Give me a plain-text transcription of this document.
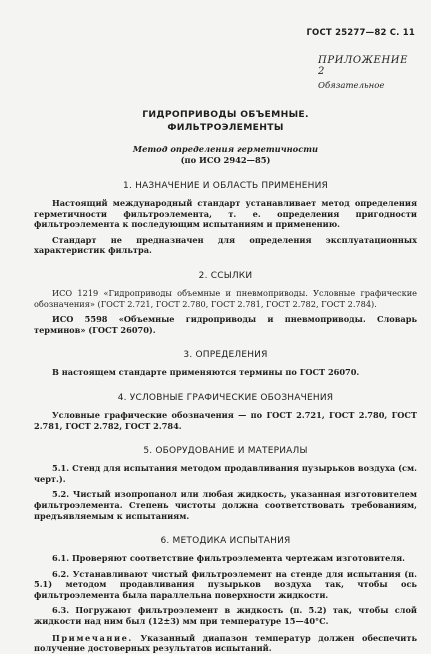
ГОСТ 25277—82 С. 11
ПРИЛОЖЕНИЕ 2
Обязательное
ГИДРОПРИВОДЫ ОБЪЕМНЫЕ.
ФИЛЬТРОЭЛЕМЕНТЫ
Метод определения герметичности
(по ИСО 2942—85)
1. НАЗНАЧЕНИЕ И ОБЛАСТЬ ПРИМЕНЕНИЯ

Настоящий международный стандарт устанавливает метод определения герметичности фильтроэлемента, т. е. определения пригодности фильтроэлемента к последующим испытаниям и применению.

Стандарт не предназначен для определения эксплуатационных характеристик фильтра.

2. ССЫЛКИ

ИСО 1219 «Гидроприводы объемные и пневмоприводы. Условные графические обозначения» (ГОСТ 2.721, ГОСТ 2.780, ГОСТ 2.781, ГОСТ 2.782, ГОСТ 2.784).

ИСО 5598 «Объемные гидроприводы и пневмоприводы. Словарь терминов» (ГОСТ 26070).

3. ОПРЕДЕЛЕНИЯ

В настоящем стандарте применяются термины по ГОСТ 26070.

4. УСЛОВНЫЕ ГРАФИЧЕСКИЕ ОБОЗНАЧЕНИЯ

Условные графические обозначения — по ГОСТ 2.721, ГОСТ 2.780, ГОСТ 2.781, ГОСТ 2.782, ГОСТ 2.784.

5. ОБОРУДОВАНИЕ И МАТЕРИАЛЫ

5.1. Стенд для испытания методом продавливания пузырьков воздуха (см. черт.).

5.2. Чистый изопропанол или любая жидкость, указанная изготовителем фильтроэлемента. Степень чистоты должна соответствовать требованиям, предъявляемым к испытаниям.

6. МЕТОДИКА ИСПЫТАНИЯ

6.1. Проверяют соответствие фильтроэлемента чертежам изготовителя.

6.2. Устанавливают чистый фильтроэлемент на стенде для испытания (п. 5.1) методом продавливания пузырьков воздуха так, чтобы ось фильтроэлемента была параллельна поверхности жидкости.

6.3. Погружают фильтроэлемент в жидкость (п. 5.2) так, чтобы слой жидкости над ним был (12±3) мм при температуре 15—40°С.

Примечание. Указанный диапазон температур должен обеспечить получение достоверных результатов испытаний.
